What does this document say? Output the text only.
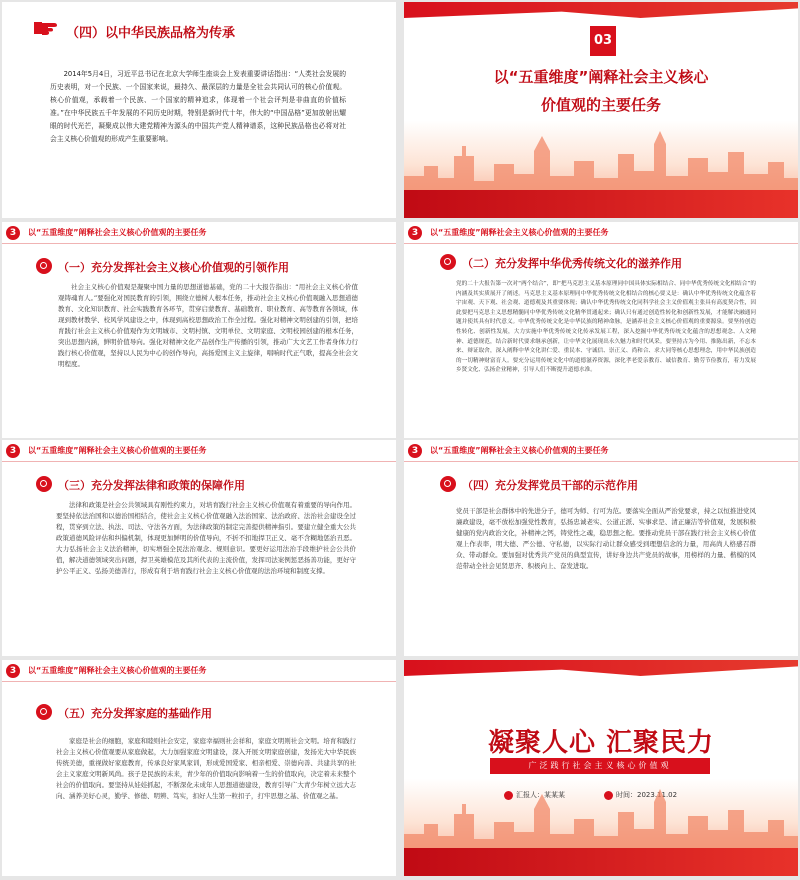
（四）以中华民族品格为传承
2014年5月4日，习近平总书记在北京大学师生座谈会上发表重要讲话指出：“人类社会发展的历史表明，对一个民族、一个国家来说，最持久、最深层的力量是全社会共同认可的核心价值观。核心价值观，承载着一个民族、一个国家的精神追求，体现着一个社会评判是非曲直的价值标准。”在中华民族五千年发展的不同历史时期，特别是新时代十年，伟大的“中国品格”更加放射出耀眼的时代光芒，凝聚成以伟大建党精神为源头的中国共产党人精神谱系，这种民族品格也必将对社会主义核心价值观的形成产生重要影响。
03
以“五重维度”阐释社会主义核心
价值观的主要任务
3	以“五重维度”阐释社会主义核心价值观的主要任务
（一）充分发挥社会主义核心价值观的引领作用
社会主义核心价值观是凝聚中国力量的思想道德基础，党的二十大报告指出：“用社会主义核心价值观铸魂育人。”要强化对国民教育的引领，围绕立德树人根本任务，推动社会主义核心价值观融入思想道德教育、文化知识教育、社会实践教育各环节，贯穿启蒙教育、基础教育、职业教育、高等教育各领域，体现到教材教学、校风学风建设之中，体现到高校思想政治工作全过程。强化对精神文明创建的引领，把培育践行社会主义核心价值观作为文明城市、文明村镇、文明单位、文明家庭、文明校园创建的根本任务，突出思想内涵，鲜明价值导向。强化对精神文化产品创作生产传播的引领，推动广大文艺工作者身体力行践行核心价值观，坚持以人民为中心的创作导向，高扬爱国主义主旋律，唱响时代正气歌，提高全社会文明程度。
3	以“五重维度”阐释社会主义核心价值观的主要任务
（二）充分发挥中华优秀传统文化的滋养作用
党的二十大报告第一次对“两个结合”，即“把马克思主义基本原理同中国具体实际相结合、同中华优秀传统文化相结合”的内涵及其实质展开了阐述。马克思主义基本原理同中华优秀传统文化相结合的核心要义是：确认中华优秀传统文化蕴含着宇宙观、天下观、社会观、道德观及其重要体现；确认中华优秀传统文化同科学社会主义价值观主张具有高度契合性，因此要把马克思主义思想精髓同中华优秀传统文化精华贯通起来；确认只有通过创造性转化和创新性发展，才能解决融通问题并使其具有时代意义。中华优秀传统文化是中华民族的精神命脉，是涵养社会主义核心价值观的重要源泉。要坚持创造性转化、创新性发展，大力实施中华优秀传统文化传承发展工程，深入挖掘中华优秀传统文化蕴含的思想观念、人文精神、道德规范，结合新时代要求继承创新，让中华文化展现出永久魅力和时代风采。要坚持古为今用、推陈出新，不忘本来、辩证取舍，深入阐释中华文化讲仁爱、重民本、守诚信、崇正义、尚和合、求大同等核心思想理念，用中华民族创造的一切精神财富育人。要充分运用传统文化中的道德滋养资源，深化孝老爱亲教育、诚信教育、勤劳节俭教育，着力发展乡贤文化、弘扬企业精神，引导人们不断提升道德水准。
3	以“五重维度”阐释社会主义核心价值观的主要任务
（三）充分发挥法律和政策的保障作用
法律和政策是社会公共领域具有刚性约束力，对培育践行社会主义核心价值观有着重要的导向作用。要坚持依法治国和以德治国相结合，使社会主义核心价值观融入法治国家、法治政府、法治社会建设全过程，贯穿到立法、执法、司法、守法各方面，为法律政策的制定完善提供精神指引。要建立健全重大公共政策道德风险评估和纠偏机制，体现更加鲜明的价值导向，不折不扣地捍卫正义、毫不含糊地惩治丑恶。大力弘扬社会主义法治精神，切实增强全民法治观念、规则意识。要更好运用法治手段维护社会公共价值，解决道德领域突出问题，捍卫英雄模范及其所代表的主流价值，发挥司法案例惩恶扬善功能，更好守护公平正义、弘扬美德善行，形成有利于培育践行社会主义核心价值观的法治环境和制度支撑。
3	以“五重维度”阐释社会主义核心价值观的主要任务
（四）充分发挥党员干部的示范作用
党员干部是社会群体中的先进分子，德可为师、行可为范。要落实全面从严治党要求，持之以恒推进党风廉政建设，毫不放松加强党性教育，弘扬忠诚老实、公道正派、实事求是、清正廉洁等价值观，发展积极健康的党内政治文化，补精神之钙，铸党性之魂，稳思想之舵。要推动党员干部在践行社会主义核心价值观上作表率，明大德、严公德、守私德，以实际行动让群众感受到理想信念的力量，用高尚人格感召群众、带动群众。要加强对优秀共产党员的典型宣传，讲好身边共产党员的故事，用榜样的力量、楷模的风范带动全社会见贤思齐、积极向上、奋发进取。
3	以“五重维度”阐释社会主义核心价值观的主要任务
（五）充分发挥家庭的基础作用
家庭是社会的细胞，家庭和睦则社会安定，家庭幸福则社会祥和，家庭文明则社会文明。培育和践行社会主义核心价值观要从家庭做起，大力加强家庭文明建设，深入开展文明家庭创建，发扬光大中华民族传统美德，重视做好家庭教育，传承良好家风家训，形成爱国爱家、相亲相爱、崇德向善、共建共享的社会主义家庭文明新风尚。孩子是民族的未来，青少年的价值取向影响着一生的价值取向，决定着未来整个社会的价值取向。要坚持从娃娃抓起，不断深化未成年人思想道德建设，教育引导广大青少年树立远大志向、涵养美好心灵，勤学、修德、明辨、笃实，扣好人生第一粒扣子，打牢思想之基、价值观之基。
凝聚人心 汇聚民力
广泛践行社会主义核心价值观
汇报人：某某某	时间：2023.11.02
